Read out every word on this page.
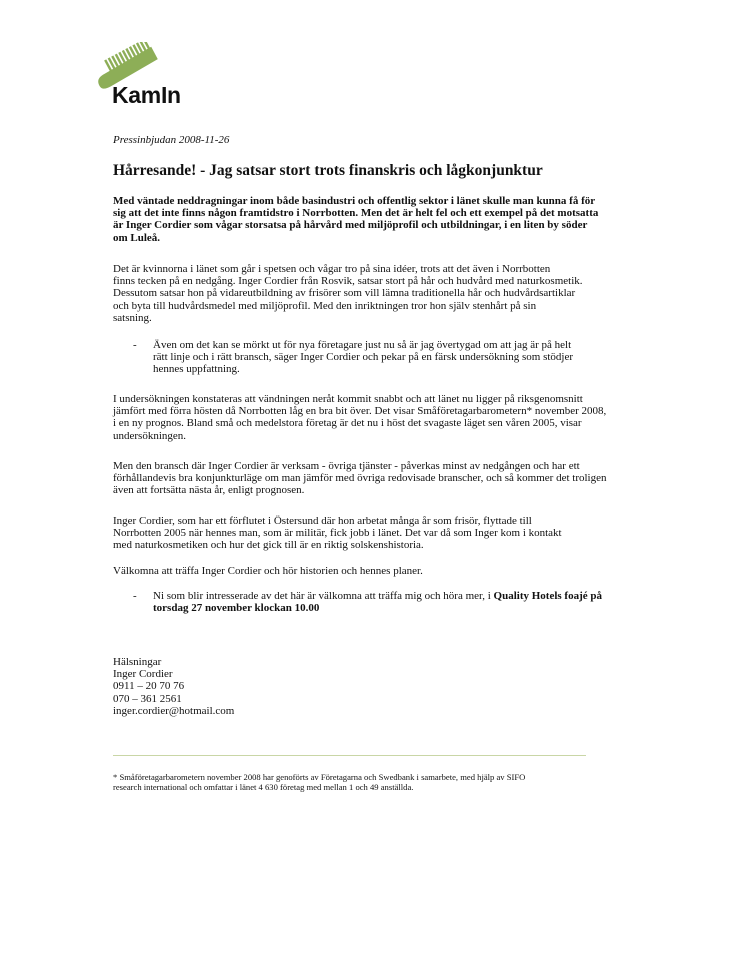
KamIn
Pressinbjudan 2008-11-26
Hårresande! - Jag satsar stort trots finanskris och lågkonjunktur
Med väntade neddragningar inom både basindustri och offentlig sektor i länet skulle man kunna få för
sig att det inte finns någon framtidstro i Norrbotten. Men det är helt fel och ett exempel på det motsatta
är Inger Cordier som vågar storsatsa på hårvård med miljöprofil och utbildningar, i en liten by söder
om Luleå.
Det är kvinnorna i länet som går i spetsen och vågar tro på sina idéer, trots att det även i Norrbotten
finns tecken på en nedgång. Inger Cordier från Rosvik, satsar stort på hår och hudvård med naturkosmetik.
Dessutom satsar hon på vidareutbildning av frisörer som vill lämna traditionella hår och hudvårdsartiklar
och byta till hudvårdsmedel med miljöprofil. Med den inriktningen tror hon själv stenhårt på sin
satsning.
- Även om det kan se mörkt ut för nya företagare just nu så är jag övertygad om att jag är på helt
rätt linje och i rätt bransch, säger Inger Cordier och pekar på en färsk undersökning som stödjer
hennes uppfattning.
I undersökningen konstateras att vändningen neråt kommit snabbt och att länet nu ligger på riksgenomsnitt
jämfört med förra hösten då Norrbotten låg en bra bit över. Det visar Småföretagarbarometern* november 2008,
i en ny prognos. Bland små och medelstora företag är det nu i höst det svagaste läget sen våren 2005, visar
undersökningen.
Men den bransch där Inger Cordier är verksam - övriga tjänster - påverkas minst av nedgången och har ett
förhållandevis bra konjunkturläge om man jämför med övriga redovisade branscher, och så kommer det troligen
även att fortsätta nästa år, enligt prognosen.
Inger Cordier, som har ett förflutet i Östersund där hon arbetat många år som frisör, flyttade till
Norrbotten 2005 när hennes man, som är militär, fick jobb i länet. Det var då som Inger kom i kontakt
med naturkosmetiken och hur det gick till är en riktig solskenshistoria.
Välkomna att träffa Inger Cordier och hör historien och hennes planer.
- Ni som blir intresserade av det här är välkomna att träffa mig och höra mer, i Quality Hotels foajé på
torsdag 27 november klockan 10.00
Hälsningar
Inger Cordier
0911 – 20 70 76
070 – 361 2561
inger.cordier@hotmail.com
* Småföretagarbarometern november 2008 har genoförts av Företagarna och Swedbank i samarbete, med hjälp av SIFO
research international och omfattar i länet 4 630 företag med mellan 1 och 49 anställda.
